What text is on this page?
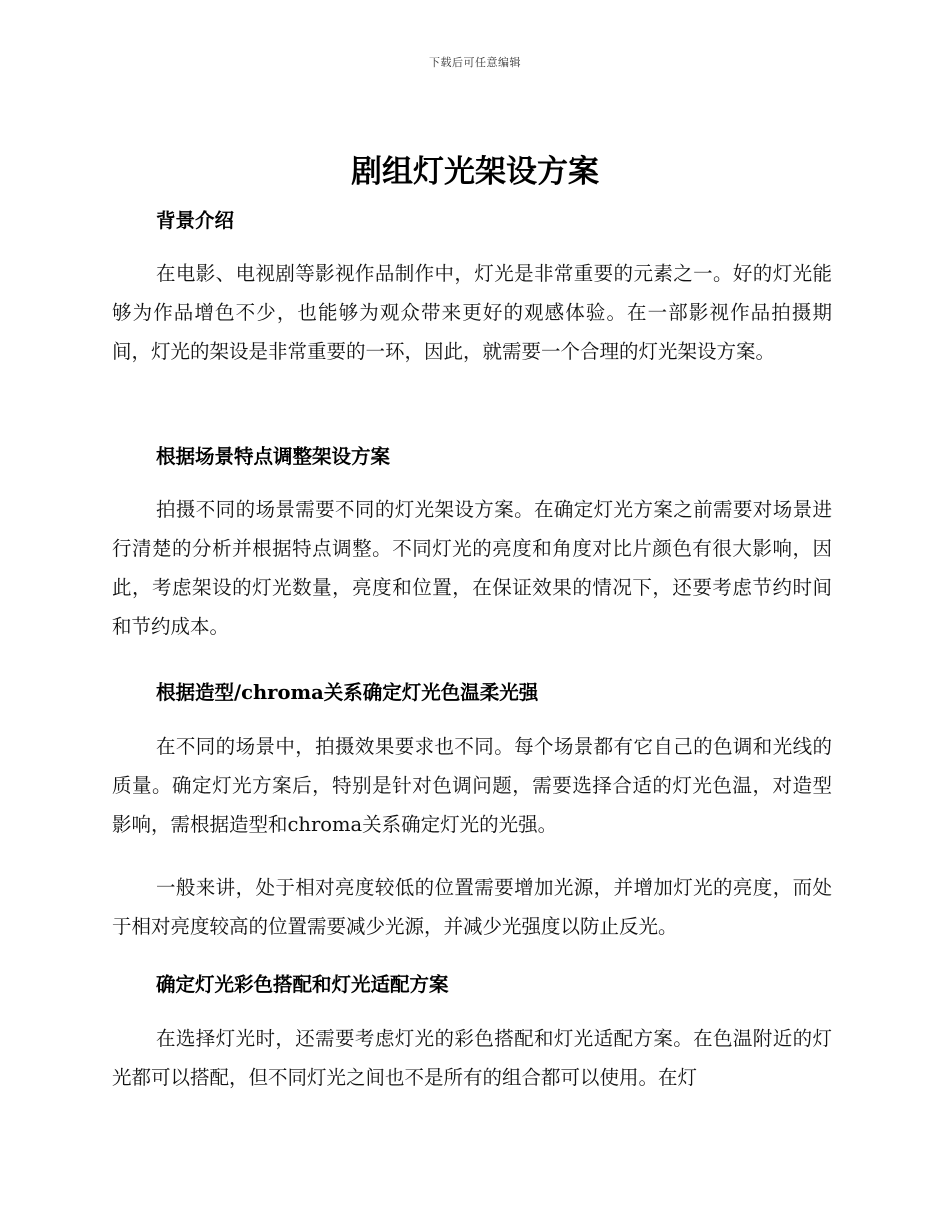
下载后可任意编辑
剧组灯光架设方案
背景介绍

在电影、电视剧等影视作品制作中，灯光是非常重要的元素之一。好的灯光能够为作品增色不少，也能够为观众带来更好的观感体验。在一部影视作品拍摄期间，灯光的架设是非常重要的一环，因此，就需要一个合理的灯光架设方案。

根据场景特点调整架设方案

拍摄不同的场景需要不同的灯光架设方案。在确定灯光方案之前需要对场景进行清楚的分析并根据特点调整。不同灯光的亮度和角度对比片颜色有很大影响，因此，考虑架设的灯光数量，亮度和位置，在保证效果的情况下，还要考虑节约时间和节约成本。

根据造型/chroma关系确定灯光色温柔光强

在不同的场景中，拍摄效果要求也不同。每个场景都有它自己的色调和光线的质量。确定灯光方案后，特别是针对色调问题，需要选择合适的灯光色温，对造型影响，需根据造型和chroma关系确定灯光的光强。

一般来讲，处于相对亮度较低的位置需要增加光源，并增加灯光的亮度，而处于相对亮度较高的位置需要减少光源，并减少光强度以防止反光。

确定灯光彩色搭配和灯光适配方案

在选择灯光时，还需要考虑灯光的彩色搭配和灯光适配方案。在色温附近的灯光都可以搭配，但不同灯光之间也不是所有的组合都可以使用。在灯
